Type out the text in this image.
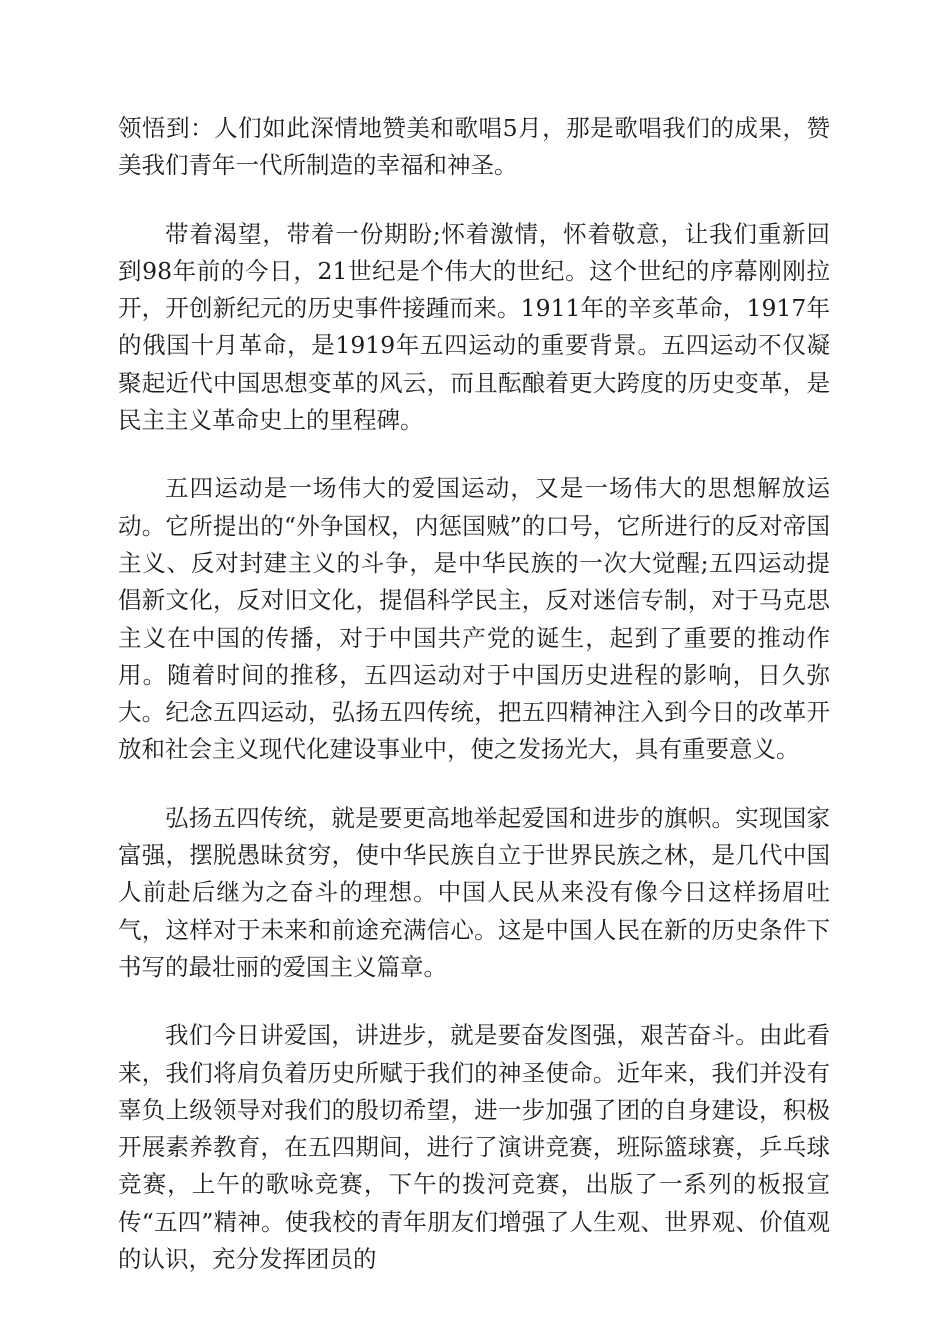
领悟到：人们如此深情地赞美和歌唱5月，那是歌唱我们的成果，赞美我们青年一代所制造的幸福和神圣。

带着渴望，带着一份期盼;怀着激情，怀着敬意，让我们重新回到98年前的今日，21世纪是个伟大的世纪。这个世纪的序幕刚刚拉开，开创新纪元的历史事件接踵而来。1911年的辛亥革命，1917年的俄国十月革命，是1919年五四运动的重要背景。五四运动不仅凝聚起近代中国思想变革的风云，而且酝酿着更大跨度的历史变革，是民主主义革命史上的里程碑。

五四运动是一场伟大的爱国运动，又是一场伟大的思想解放运动。它所提出的“外争国权，内惩国贼”的口号，它所进行的反对帝国主义、反对封建主义的斗争，是中华民族的一次大觉醒;五四运动提倡新文化，反对旧文化，提倡科学民主，反对迷信专制，对于马克思主义在中国的传播，对于中国共产党的诞生，起到了重要的推动作用。随着时间的推移，五四运动对于中国历史进程的影响，日久弥大。纪念五四运动，弘扬五四传统，把五四精神注入到今日的改革开放和社会主义现代化建设事业中，使之发扬光大，具有重要意义。

弘扬五四传统，就是要更高地举起爱国和进步的旗帜。实现国家富强，摆脱愚昧贫穷，使中华民族自立于世界民族之林，是几代中国人前赴后继为之奋斗的理想。中国人民从来没有像今日这样扬眉吐气，这样对于未来和前途充满信心。这是中国人民在新的历史条件下书写的最壮丽的爱国主义篇章。

我们今日讲爱国，讲进步，就是要奋发图强，艰苦奋斗。由此看来，我们将肩负着历史所赋于我们的神圣使命。近年来，我们并没有辜负上级领导对我们的殷切希望，进一步加强了团的自身建设，积极开展素养教育，在五四期间，进行了演讲竞赛，班际篮球赛，乒乓球竞赛，上午的歌咏竞赛，下午的拨河竞赛，出版了一系列的板报宣传“五四”精神。使我校的青年朋友们增强了人生观、世界观、价值观的认识，充分发挥团员的
